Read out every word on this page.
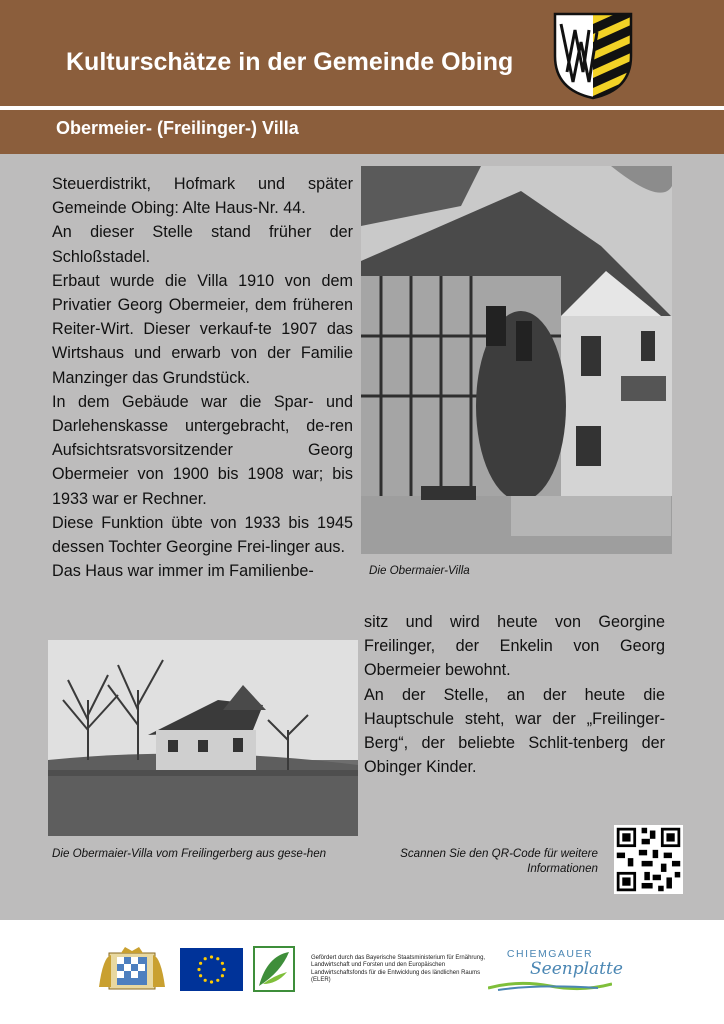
Kulturschätze in der Gemeinde Obing
Obermeier- (Freilinger-) Villa

Steuerdistrikt, Hofmark und später Gemeinde Obing: Alte Haus-Nr. 44.

An dieser Stelle stand früher der Schloßstadel.

Erbaut wurde die Villa 1910 von dem Privatier Georg Obermeier, dem früheren Reiter-Wirt. Dieser verkauf-te 1907 das Wirtshaus und erwarb von der Familie Manzinger das Grundstück.

In dem Gebäude war die Spar- und Darlehenskasse untergebracht, de-ren Aufsichtsratsvorsitzender Georg Obermeier von 1900 bis 1908 war; bis 1933 war er Rechner.

Diese Funktion übte von 1933 bis 1945 dessen Tochter Georgine Frei-linger aus.

Das Haus war immer im Familienbe-	Die Obermaier-Villa
Die Obermaier-Villa vom Freilingerberg aus gese-hen

sitz und wird heute von Georgine Freilinger, der Enkelin von Georg Obermeier bewohnt.

An der Stelle, an der heute die Hauptschule steht, war der „Freilinger-Berg“, der beliebte Schlit-tenberg der Obinger Kinder.

Scannen Sie den QR-Code für weitere Informationen
Gefördert durch das Bayerische Staatsministerium für Ernährung, Landwirtschaft und Forsten und den Europäischen Landwirtschaftsfonds für die Entwicklung des ländlichen Raums (ELER)
CHIEMGAUER
Seenplatte
